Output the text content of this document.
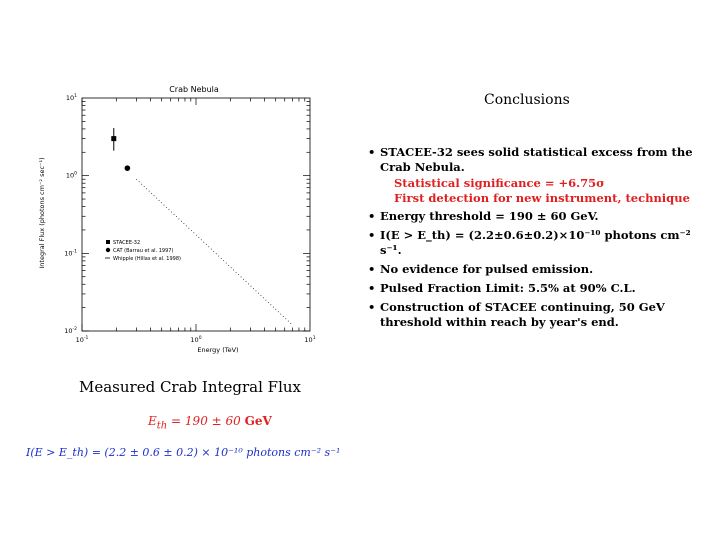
Crab Nebula
$10^{-1}$	$10^0$	$10^1$
$10^{-2}$
$10^{-1}$
$10^0$
$10^1$
Energy (TeV)
Integral Flux (photons cm⁻² sec⁻¹)	STACEE-32
CAT (Barrau et al. 1997)
Whipple (Hillas et al. 1998)
Measured Crab Integral Flux
$E_{th} = 190 \pm 60$ GeV
I(E > E_th) = (2.2 ± 0.6 ± 0.2) × 10⁻¹⁰ photons cm⁻² s⁻¹
Conclusions
• STACEE-32 sees solid statistical excess from the Crab Nebula.
Statistical significance = +6.75σ
First detection for new instrument, technique
• Energy threshold = 190 ± 60 GeV.
• I(E > E_th) = (2.2±0.6±0.2)×10⁻¹⁰ photons cm⁻² s⁻¹.
• No evidence for pulsed emission.
• Pulsed Fraction Limit: 5.5% at 90% C.L.
• Construction of STACEE continuing, 50 GeV threshold within reach by year's end.
